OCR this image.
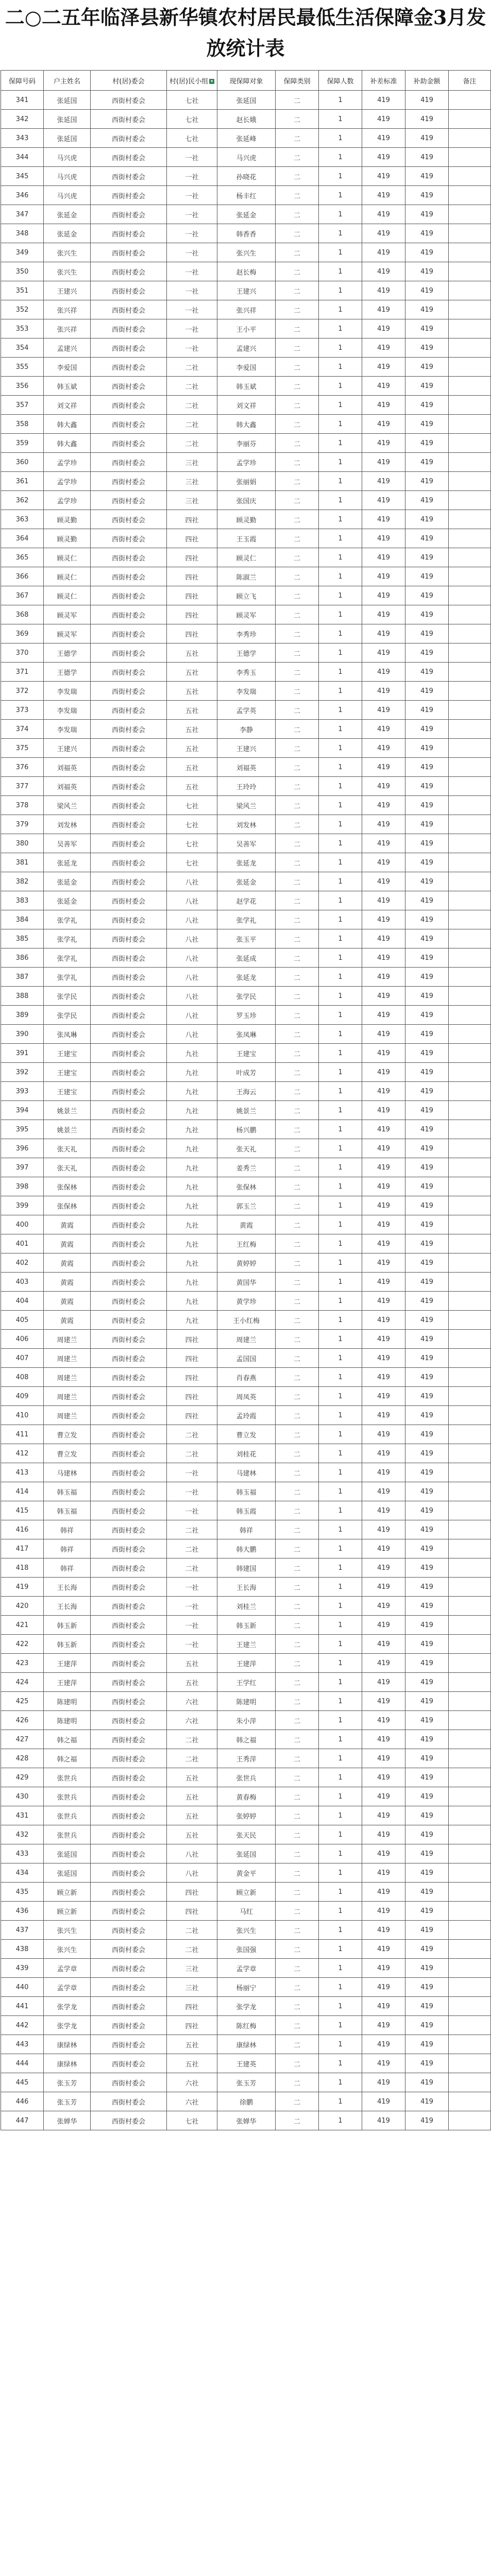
二○二五年临泽县新华镇农村居民最低生活保障金3月发放统计表
保障号码	户主姓名	村(居)委会	村(居)民小组 ▾	现保障对象	保障类别	保障人数	补差标准	补助金额	备注
341	张延国	西街村委会	七社	张延国	二	1	419	419	
342	张延国	西街村委会	七社	赵长娥	二	1	419	419	
343	张延国	西街村委会	七社	张延峰	二	1	419	419	
344	马兴虎	西街村委会	一社	马兴虎	二	1	419	419	
345	马兴虎	西街村委会	一社	孙晓花	二	1	419	419	
346	马兴虎	西街村委会	一社	杨丰红	二	1	419	419	
347	张延金	西街村委会	一社	张延金	二	1	419	419	
348	张延金	西街村委会	一社	韩香香	二	1	419	419	
349	张兴生	西街村委会	一社	张兴生	二	1	419	419	
350	张兴生	西街村委会	一社	赵长梅	二	1	419	419	
351	王建兴	西街村委会	一社	王建兴	二	1	419	419	
352	张兴祥	西街村委会	一社	张兴祥	二	1	419	419	
353	张兴祥	西街村委会	一社	王小平	二	1	419	419	
354	孟建兴	西街村委会	一社	孟建兴	二	1	419	419	
355	李爱国	西街村委会	二社	李爱国	二	1	419	419	
356	韩玉斌	西街村委会	二社	韩玉斌	二	1	419	419	
357	刘文祥	西街村委会	二社	刘文祥	二	1	419	419	
358	韩大鑫	西街村委会	二社	韩大鑫	二	1	419	419	
359	韩大鑫	西街村委会	二社	李丽芬	二	1	419	419	
360	孟学珍	西街村委会	三社	孟学珍	二	1	419	419	
361	孟学珍	西街村委会	三社	张丽娟	二	1	419	419	
362	孟学珍	西街村委会	三社	张国庆	二	1	419	419	
363	顾灵勤	西街村委会	四社	顾灵勤	二	1	419	419	
364	顾灵勤	西街村委会	四社	王玉霞	二	1	419	419	
365	顾灵仁	西街村委会	四社	顾灵仁	二	1	419	419	
366	顾灵仁	西街村委会	四社	陈淑兰	二	1	419	419	
367	顾灵仁	西街村委会	四社	顾立飞	二	1	419	419	
368	顾灵军	西街村委会	四社	顾灵军	二	1	419	419	
369	顾灵军	西街村委会	四社	李秀珍	二	1	419	419	
370	王德学	西街村委会	五社	王德学	二	1	419	419	
371	王德学	西街村委会	五社	李秀玉	二	1	419	419	
372	李发瑞	西街村委会	五社	李发瑞	二	1	419	419	
373	李发瑞	西街村委会	五社	孟学英	二	1	419	419	
374	李发瑞	西街村委会	五社	李静	二	1	419	419	
375	王建兴	西街村委会	五社	王建兴	二	1	419	419	
376	刘福英	西街村委会	五社	刘福英	二	1	419	419	
377	刘福英	西街村委会	五社	王玲玲	二	1	419	419	
378	梁风兰	西街村委会	七社	梁风兰	二	1	419	419	
379	刘发林	西街村委会	七社	刘发林	二	1	419	419	
380	吴善军	西街村委会	七社	吴善军	二	1	419	419	
381	张延龙	西街村委会	七社	张延龙	二	1	419	419	
382	张延金	西街村委会	八社	张延金	二	1	419	419	
383	张延金	西街村委会	八社	赵学花	二	1	419	419	
384	张学礼	西街村委会	八社	张学礼	二	1	419	419	
385	张学礼	西街村委会	八社	张玉平	二	1	419	419	
386	张学礼	西街村委会	八社	张延成	二	1	419	419	
387	张学礼	西街村委会	八社	张延龙	二	1	419	419	
388	张学民	西街村委会	八社	张学民	二	1	419	419	
389	张学民	西街村委会	八社	罗玉珍	二	1	419	419	
390	张凤琳	西街村委会	八社	张凤琳	二	1	419	419	
391	王建宝	西街村委会	九社	王建宝	二	1	419	419	
392	王建宝	西街村委会	九社	叶成芳	二	1	419	419	
393	王建宝	西街村委会	九社	王海云	二	1	419	419	
394	姚景兰	西街村委会	九社	姚景兰	二	1	419	419	
395	姚景兰	西街村委会	九社	杨兴鹏	二	1	419	419	
396	张天礼	西街村委会	九社	张天礼	二	1	419	419	
397	张天礼	西街村委会	九社	姜秀兰	二	1	419	419	
398	张保林	西街村委会	九社	张保林	二	1	419	419	
399	张保林	西街村委会	九社	郭玉兰	二	1	419	419	
400	黄霞	西街村委会	九社	黄霞	二	1	419	419	
401	黄霞	西街村委会	九社	王红梅	二	1	419	419	
402	黄霞	西街村委会	九社	黄婷婷	二	1	419	419	
403	黄霞	西街村委会	九社	黄国华	二	1	419	419	
404	黄霞	西街村委会	九社	黄学珍	二	1	419	419	
405	黄霞	西街村委会	九社	王小红梅	二	1	419	419	
406	周建兰	西街村委会	四社	周建兰	二	1	419	419	
407	周建兰	西街村委会	四社	孟国国	二	1	419	419	
408	周建兰	西街村委会	四社	肖春燕	二	1	419	419	
409	周建兰	西街村委会	四社	周凤英	二	1	419	419	
410	周建兰	西街村委会	四社	孟玲霞	二	1	419	419	
411	曹立发	西街村委会	二社	曹立发	二	1	419	419	
412	曹立发	西街村委会	二社	刘桂花	二	1	419	419	
413	马建林	西街村委会	一社	马建林	二	1	419	419	
414	韩玉福	西街村委会	一社	韩玉福	二	1	419	419	
415	韩玉福	西街村委会	一社	韩玉霞	二	1	419	419	
416	韩祥	西街村委会	二社	韩祥	二	1	419	419	
417	韩祥	西街村委会	二社	韩大鹏	二	1	419	419	
418	韩祥	西街村委会	二社	韩建国	二	1	419	419	
419	王长海	西街村委会	一社	王长海	二	1	419	419	
420	王长海	西街村委会	一社	刘桂兰	二	1	419	419	
421	韩玉新	西街村委会	一社	韩玉新	二	1	419	419	
422	韩玉新	西街村委会	一社	王建兰	二	1	419	419	
423	王建萍	西街村委会	五社	王建萍	二	1	419	419	
424	王建萍	西街村委会	五社	王学红	二	1	419	419	
425	陈建明	西街村委会	六社	陈建明	二	1	419	419	
426	陈建明	西街村委会	六社	朱小萍	二	1	419	419	
427	韩之福	西街村委会	二社	韩之福	二	1	419	419	
428	韩之福	西街村委会	二社	王秀萍	二	1	419	419	
429	张世兵	西街村委会	五社	张世兵	二	1	419	419	
430	张世兵	西街村委会	五社	黄春梅	二	1	419	419	
431	张世兵	西街村委会	五社	张婷婷	二	1	419	419	
432	张世兵	西街村委会	五社	张天民	二	1	419	419	
433	张延国	西街村委会	八社	张延国	二	1	419	419	
434	张延国	西街村委会	八社	黄金平	二	1	419	419	
435	顾立新	西街村委会	四社	顾立新	二	1	419	419	
436	顾立新	西街村委会	四社	马红	二	1	419	419	
437	张兴生	西街村委会	二社	张兴生	二	1	419	419	
438	张兴生	西街村委会	二社	张国强	二	1	419	419	
439	孟学章	西街村委会	三社	孟学章	二	1	419	419	
440	孟学章	西街村委会	三社	杨丽宁	二	1	419	419	
441	张学龙	西街村委会	四社	张学龙	二	1	419	419	
442	张学龙	西街村委会	四社	陈红梅	二	1	419	419	
443	康绿林	西街村委会	五社	康绿林	二	1	419	419	
444	康绿林	西街村委会	五社	王建英	二	1	419	419	
445	张玉芳	西街村委会	六社	张玉芳	二	1	419	419	
446	张玉芳	西街村委会	六社	徐鹏	二	1	419	419	
447	张婵华	西街村委会	七社	张婵华	二	1	419	419	
